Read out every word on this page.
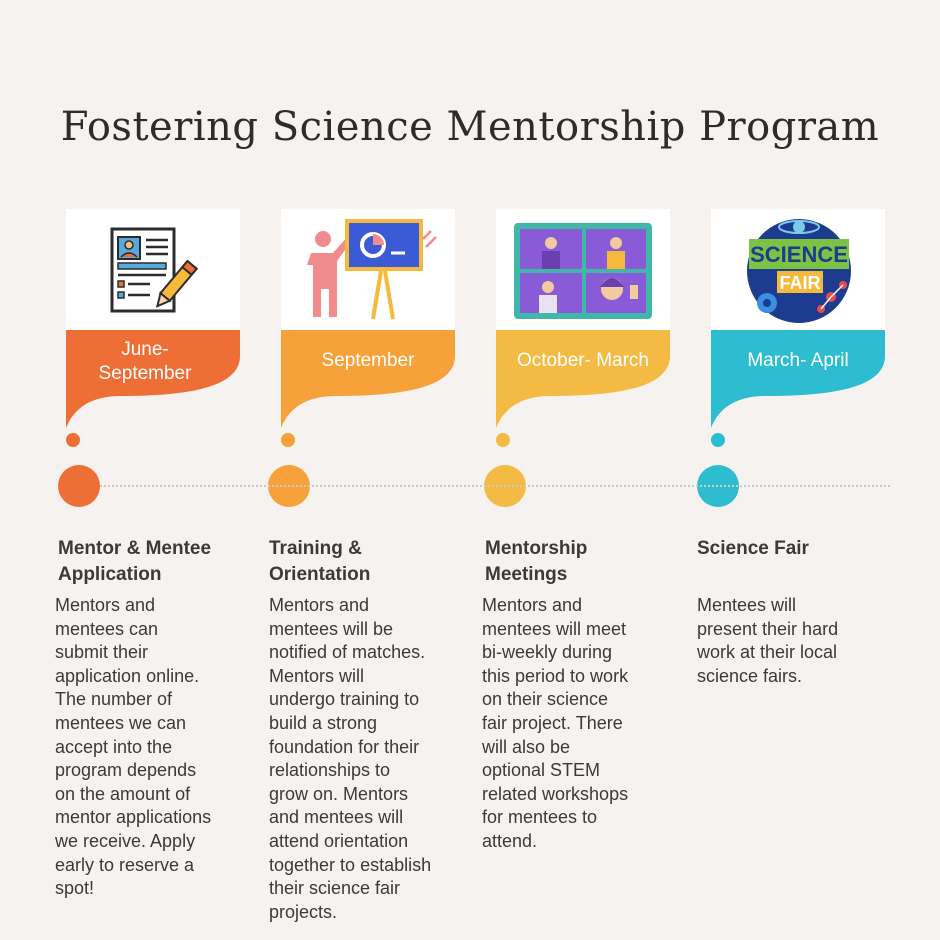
Fostering Science Mentorship Program
June-
September
Mentor & Mentee
Application
Mentors and
mentees can
submit their
application online.
The number of
mentees we can
accept into the
program depends
on the amount of
mentor applications
we receive. Apply
early to reserve a
spot!
September
Training &
Orientation
Mentors and
mentees will be
notified of matches.
Mentors will
undergo training to
build a strong
foundation for their
relationships to
grow on. Mentors
and mentees will
attend orientation
together to establish
their science fair
projects.
October- March
Mentorship
Meetings
Mentors and
mentees will meet
bi-weekly during
this period to work
on their science
fair project. There
will also be
optional STEM
related workshops
for mentees to
attend.
SCIENCE
FAIR
March- April
Science Fair
Mentees will
present their hard
work at their local
science fairs.
